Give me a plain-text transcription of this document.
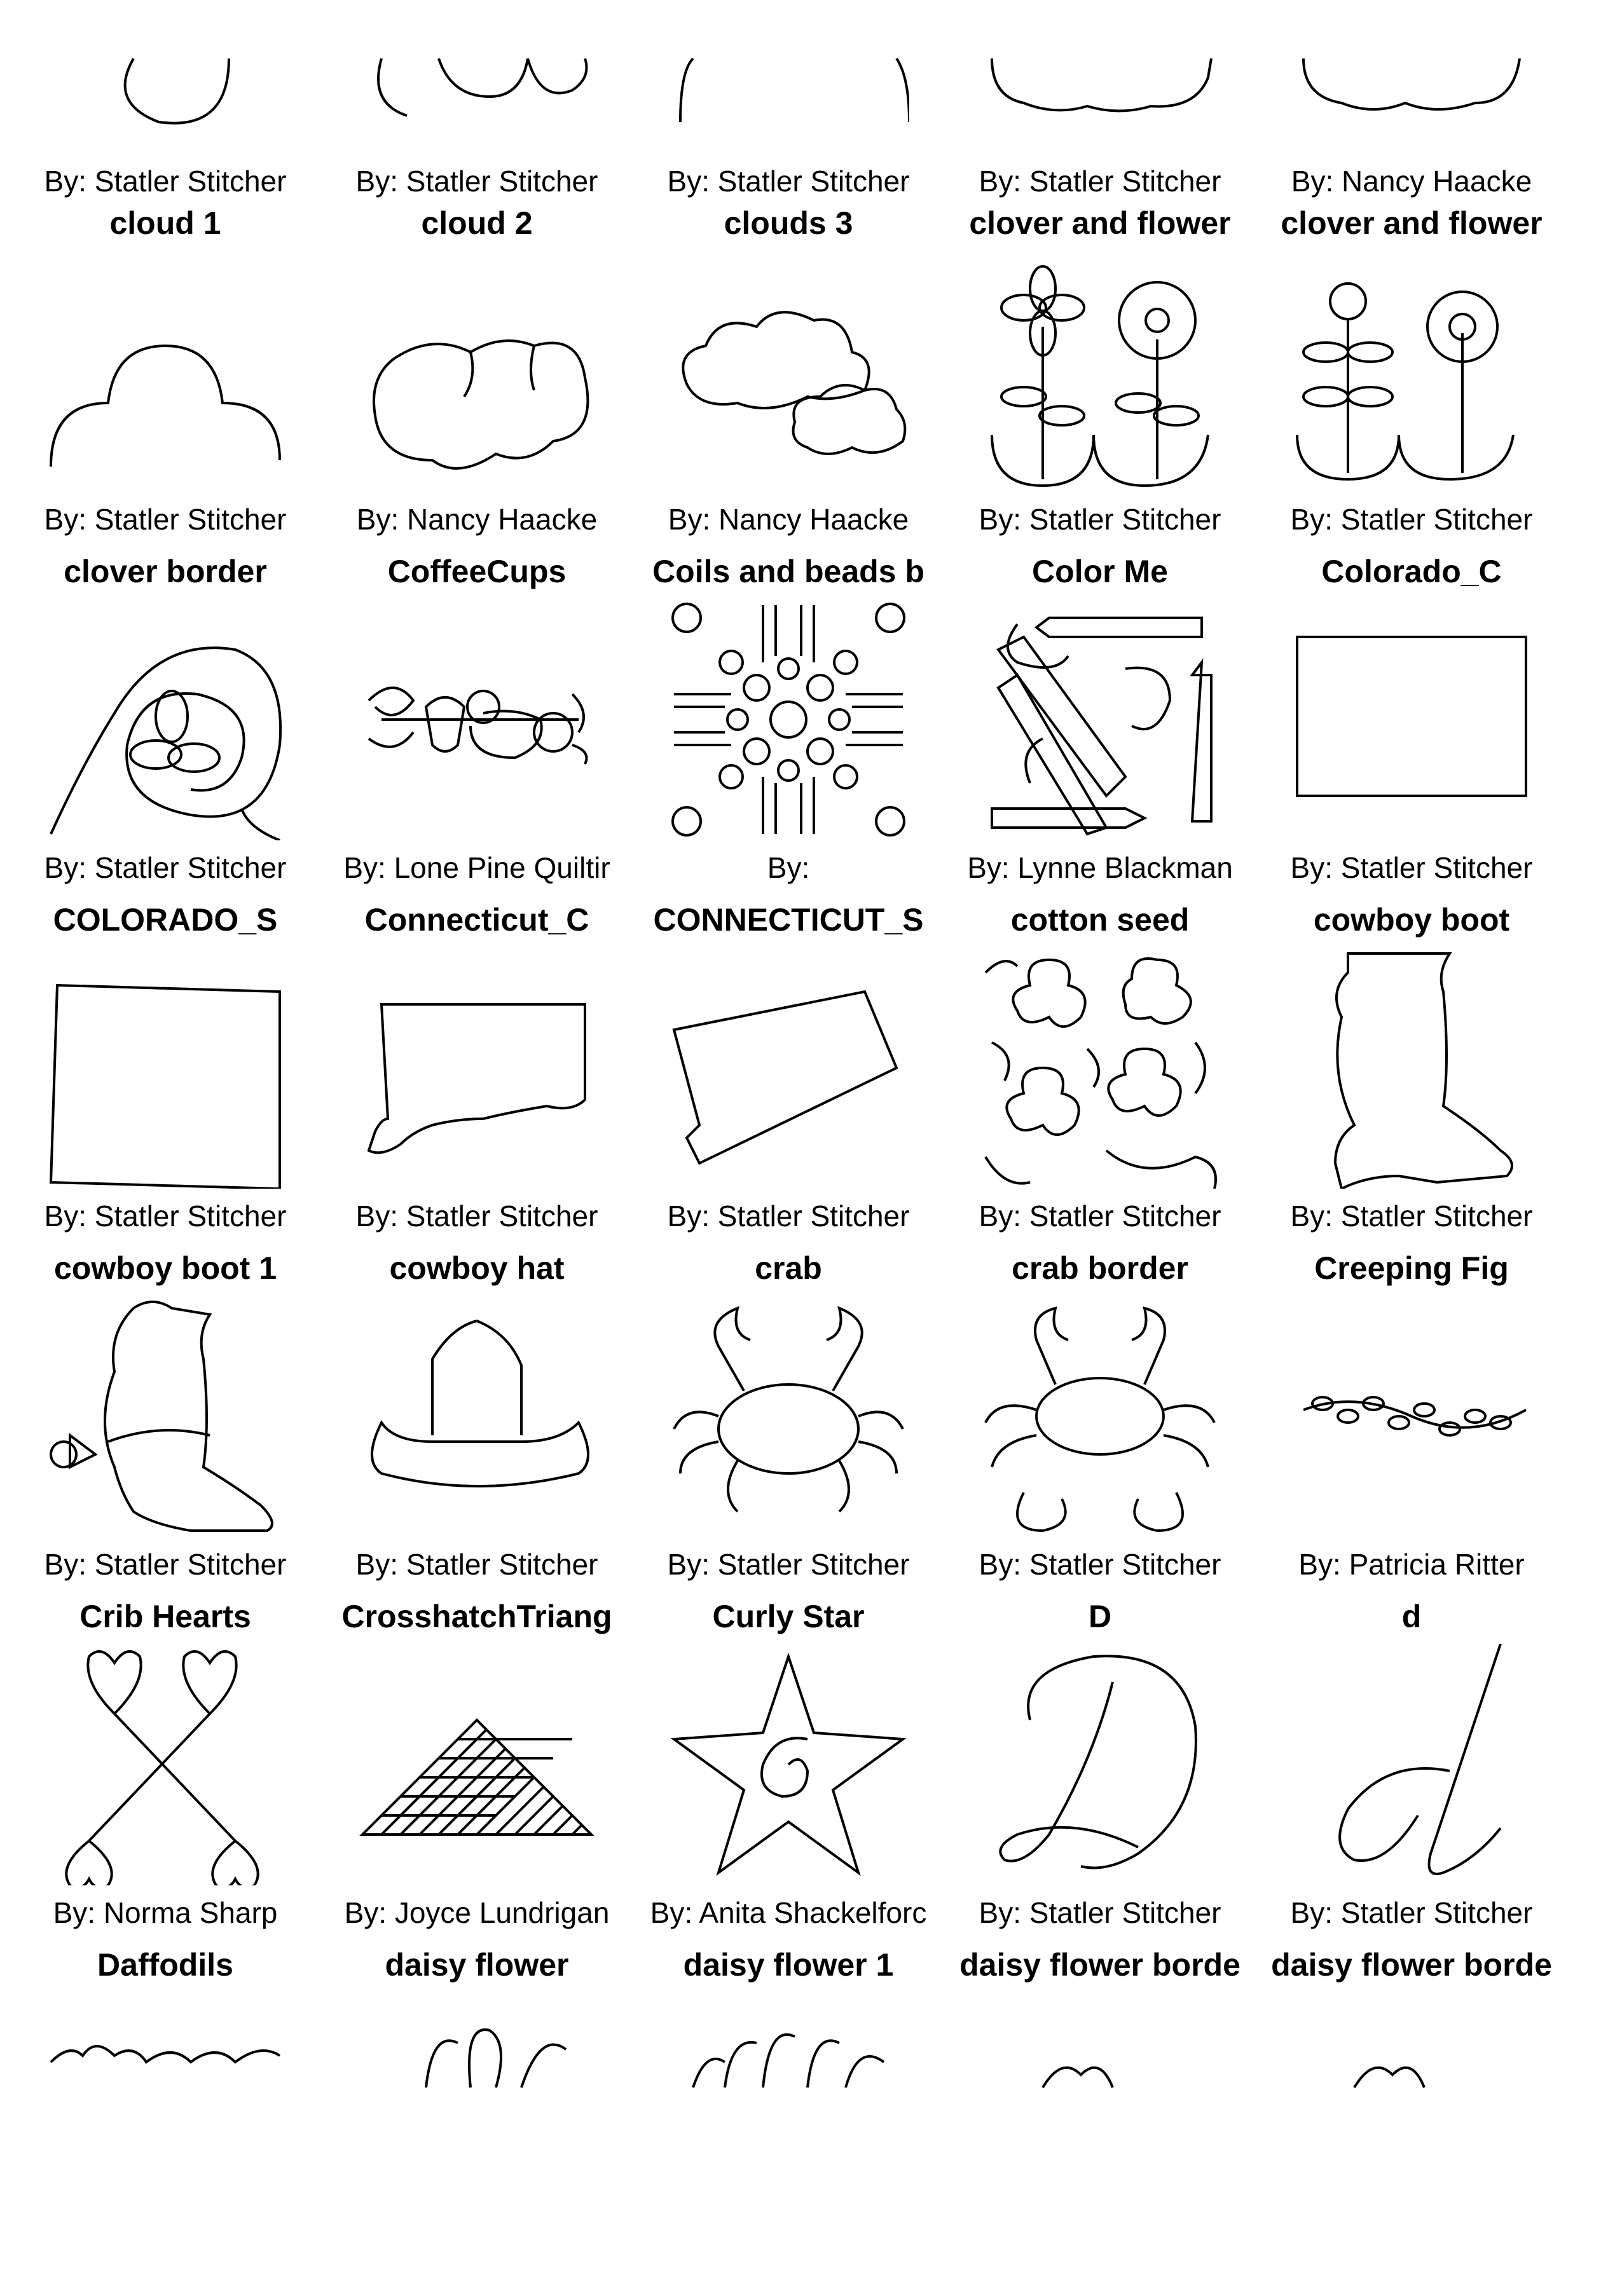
By: Statler Stitcher	By: Statler Stitcher	By: Statler Stitcher	By: Statler Stitcher	By: Nancy Haacke
cloud 1
By: Statler Stitcher
cloud 2
By: Nancy Haacke
clouds 3
By: Nancy Haacke
clover and flower
By: Statler Stitcher
clover and flower
By: Statler Stitcher
clover border
By: Statler Stitcher
CoffeeCups
By: Lone Pine Quiltir
Coils and beads b
By:
Color Me
By: Lynne Blackman
Colorado_C
By: Statler Stitcher
COLORADO_S
By: Statler Stitcher
Connecticut_C
By: Statler Stitcher
CONNECTICUT_S
By: Statler Stitcher
cotton seed
By: Statler Stitcher
cowboy boot
By: Statler Stitcher
cowboy boot 1
By: Statler Stitcher
cowboy hat
By: Statler Stitcher
crab
By: Statler Stitcher
crab border
By: Statler Stitcher
Creeping Fig
By: Patricia Ritter
Crib Hearts
By: Norma Sharp
CrosshatchTriang
By: Joyce Lundrigan
Curly Star
By: Anita Shackelforc
D
By: Statler Stitcher
d
By: Statler Stitcher
Daffodils	daisy flower	daisy flower 1	daisy flower borde daisy flower borde
